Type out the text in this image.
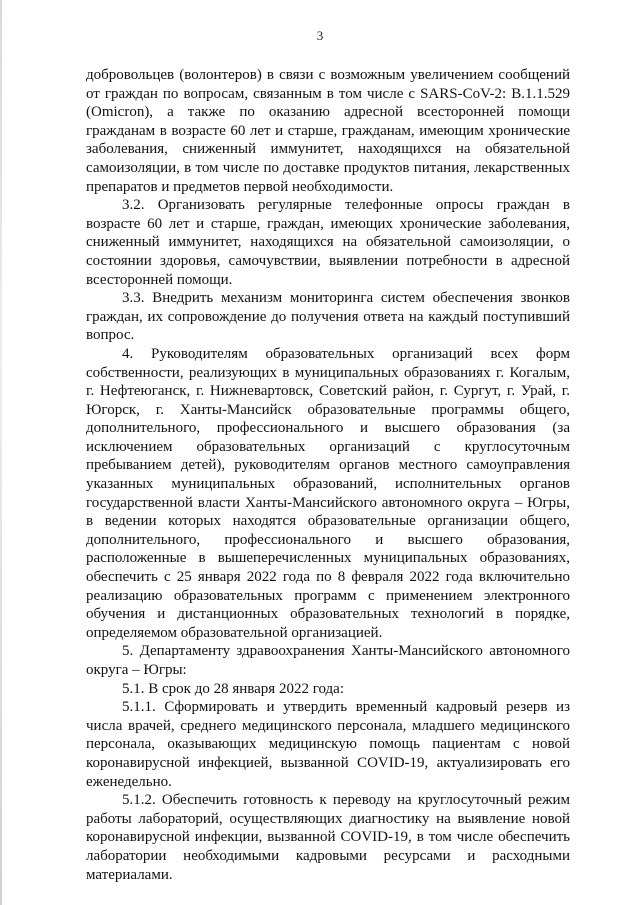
3

добровольцев (волонтеров) в связи с возможным увеличением сообщений от граждан по вопросам, связанным в том числе с SARS-CoV-2: B.1.1.529 (Omicron), а также по оказанию адресной всесторонней помощи гражданам в возрасте 60 лет и старше, гражданам, имеющим хронические заболевания, сниженный иммунитет, находящихся на обязательной самоизоляции, в том числе по доставке продуктов питания, лекарственных препаратов и предметов первой необходимости.

3.2. Организовать регулярные телефонные опросы граждан в возрасте 60 лет и старше, граждан, имеющих хронические заболевания, сниженный иммунитет, находящихся на обязательной самоизоляции, о состоянии здоровья, самочувствии, выявлении потребности в адресной всесторонней помощи.

3.3. Внедрить механизм мониторинга систем обеспечения звонков граждан, их сопровождение до получения ответа на каждый поступивший вопрос.

4. Руководителям образовательных организаций всех форм собственности, реализующих в муниципальных образованиях г. Когалым, г. Нефтеюганск, г. Нижневартовск, Советский район, г. Сургут, г. Урай, г. Югорск, г. Ханты-Мансийск образовательные программы общего, дополнительного, профессионального и высшего образования (за исключением образовательных организаций с круглосуточным пребыванием детей), руководителям органов местного самоуправления указанных муниципальных образований, исполнительных органов государственной власти Ханты-Мансийского автономного округа – Югры, в ведении которых находятся образовательные организации общего, дополнительного, профессионального и высшего образования, расположенные в вышеперечисленных муниципальных образованиях, обеспечить с 25 января 2022 года по 8 февраля 2022 года включительно реализацию образовательных программ с применением электронного обучения и дистанционных образовательных технологий в порядке, определяемом образовательной организацией.

5. Департаменту здравоохранения Ханты-Мансийского автономного округа – Югры:

5.1. В срок до 28 января 2022 года:

5.1.1. Сформировать и утвердить временный кадровый резерв из числа врачей, среднего медицинского персонала, младшего медицинского персонала, оказывающих медицинскую помощь пациентам с новой коронавирусной инфекцией, вызванной COVID-19, актуализировать его еженедельно.

5.1.2. Обеспечить готовность к переводу на круглосуточный режим работы лабораторий, осуществляющих диагностику на выявление новой коронавирусной инфекции, вызванной COVID-19, в том числе обеспечить лаборатории необходимыми кадровыми ресурсами и расходными материалами.
